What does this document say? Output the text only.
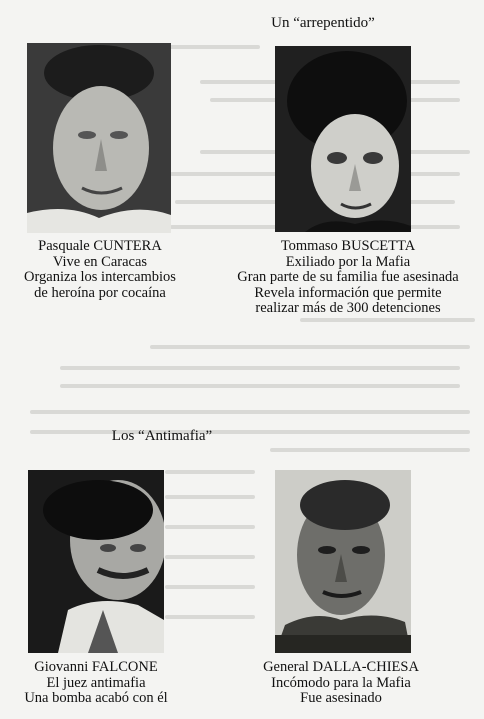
Un “arrepentido”
Los “Antimafia”
Pasquale CUNTERA
Vive en Caracas
Organiza los intercambios
de heroína por cocaína
Tommaso BUSCETTA
Exiliado por la Mafia
Gran parte de su familia fue asesinada
Revela información que permite
realizar más de 300 detenciones
Giovanni FALCONE
El juez antimafia
Una bomba acabó con él
General DALLA-CHIESA
Incómodo para la Mafia
Fue asesinado
